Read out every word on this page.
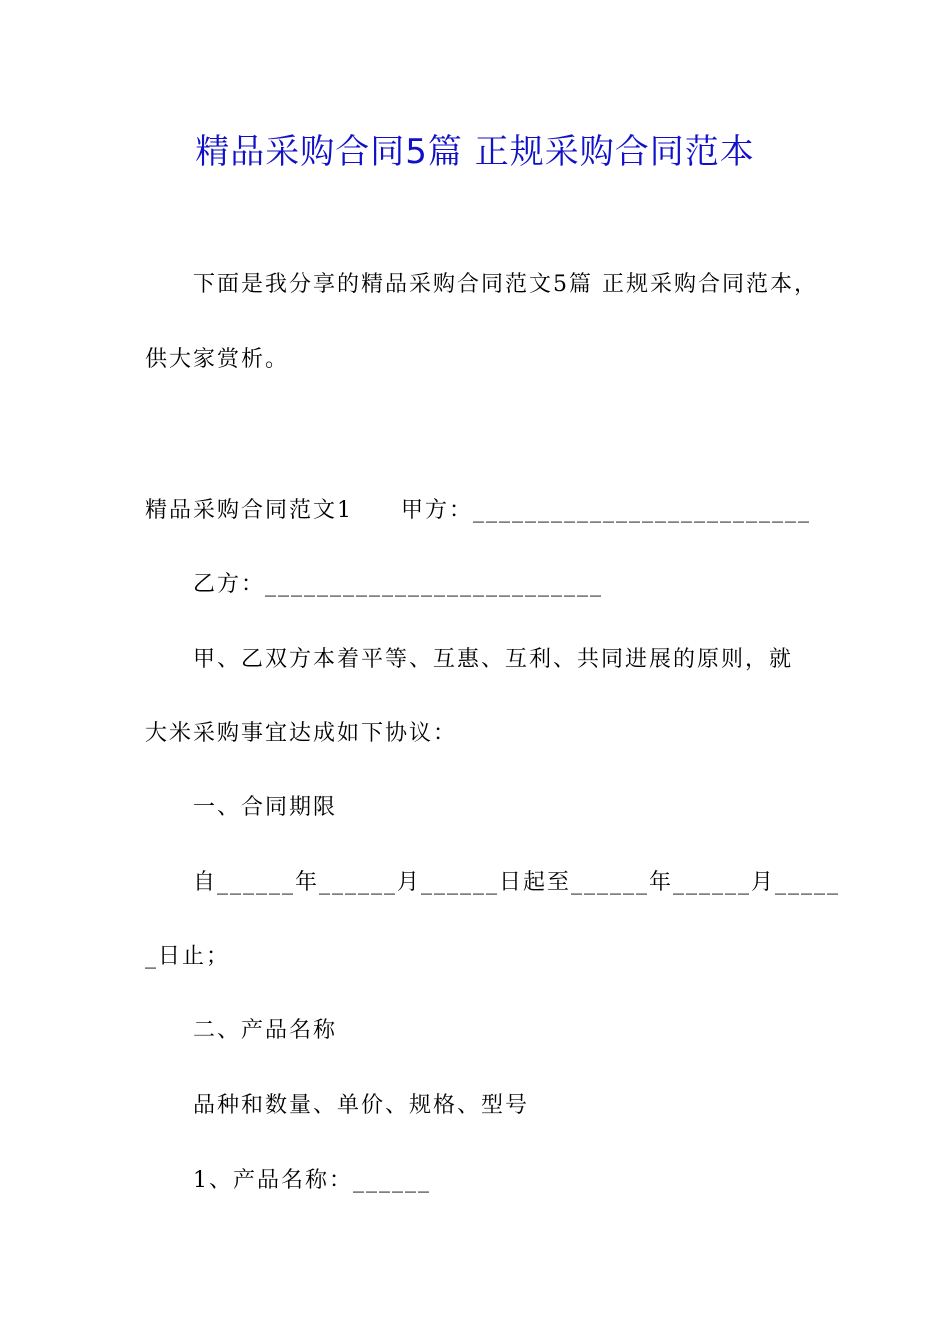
精品采购合同5篇 正规采购合同范本
下面是我分享的精品采购合同范文5篇 正规采购合同范本，
供大家赏析。
精品采购合同范文1　　甲方：__________________________
乙方：__________________________
甲、乙双方本着平等、互惠、互利、共同进展的原则，就
大米采购事宜达成如下协议：
一、合同期限
自______年______月______日起至______年______月_____
_日止；
二、产品名称
品种和数量、单价、规格、型号
1、产品名称：______
